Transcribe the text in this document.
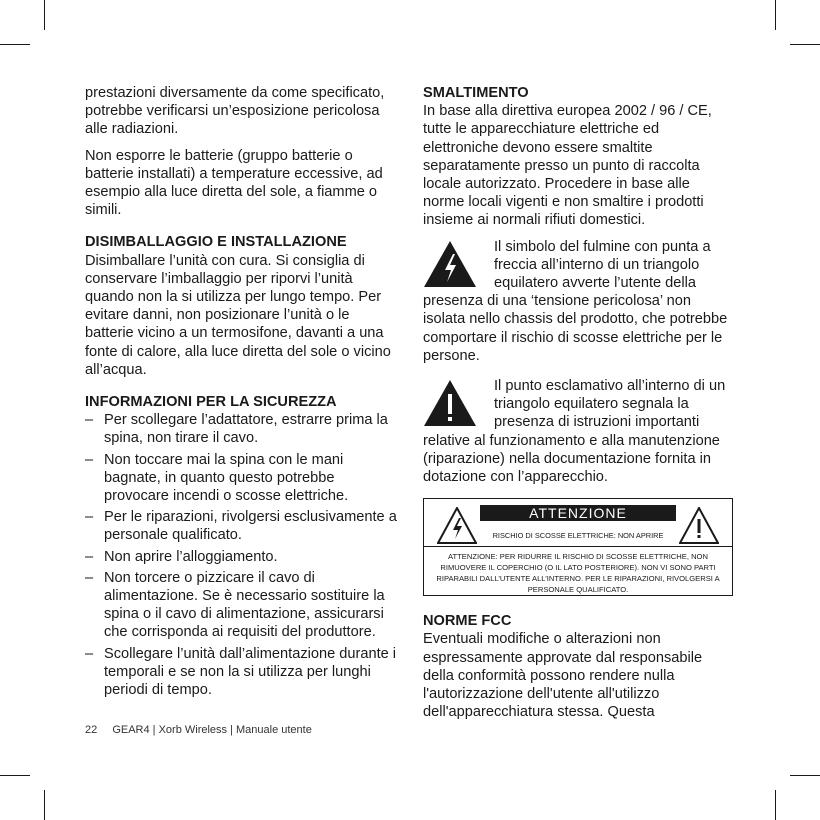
prestazioni diversamente da come specificato, potrebbe verificarsi un’esposizione pericolosa alle radiazioni.

Non esporre le batterie (gruppo batterie o batterie installati) a temperature eccessive, ad esempio alla luce diretta del sole, a fiamme o simili.

DISIMBALLAGGIO E INSTALLAZIONE

Disimballare l’unità con cura. Si consiglia di conservare l’imballaggio per riporvi l’unità quando non la si utilizza per lungo tempo. Per evitare danni, non posizionare l’unità o le batterie vicino a un termosifone, davanti a una fonte di calore, alla luce diretta del sole o vicino all’acqua.

INFORMAZIONI PER LA SICUREZZA
– Per scollegare l’adattatore, estrarre prima la spina, non tirare il cavo.
– Non toccare mai la spina con le mani bagnate, in quanto questo potrebbe provocare incendi o scosse elettriche.
– Per le riparazioni, rivolgersi esclusivamente a personale qualificato.
– Non aprire l’alloggiamento.
– Non torcere o pizzicare il cavo di alimentazione. Se è necessario sostituire la spina o il cavo di alimentazione, assicurarsi che corrisponda ai requisiti del produttore.
– Scollegare l’unità dall’alimentazione durante i temporali e se non la si utilizza per lunghi periodi di tempo.
SMALTIMENTO

In base alla direttiva europea 2002 / 96 / CE, tutte le apparecchiature elettriche ed elettroniche devono essere smaltite separatamente presso un punto di raccolta locale autorizzato. Procedere in base alle norme locali vigenti e non smaltire i prodotti insieme ai normali rifiuti domestici.

Il simbolo del fulmine con punta a freccia all’interno di un triangolo equilatero avverte l’utente della
presenza di una ‘tensione pericolosa’ non isolata nello chassis del prodotto, che potrebbe comportare il rischio di scosse elettriche per le persone.

Il punto esclamativo all’interno di un triangolo equilatero segnala la presenza di istruzioni importanti
relative al funzionamento e alla manutenzione (riparazione) nella documentazione fornita in dotazione con l’apparecchio.

ATTENZIONE
RISCHIO DI SCOSSE ELETTRICHE: NON APRIRE
ATTENZIONE: PER RIDURRE IL RISCHIO DI SCOSSE ELETTRICHE, NON RIMUOVERE IL COPERCHIO (O IL LATO POSTERIORE). NON VI SONO PARTI RIPARABILI DALL’UTENTE ALL’INTERNO. PER LE RIPARAZIONI, RIVOLGERSI A PERSONALE QUALIFICATO.
NORME FCC

Eventuali modifiche o alterazioni non espressamente approvate dal responsabile della conformità possono rendere nulla l'autorizzazione dell'utente all'utilizzo dell'apparecchiatura stessa. Questa

22 GEAR4 | Xorb Wireless | Manuale utente
